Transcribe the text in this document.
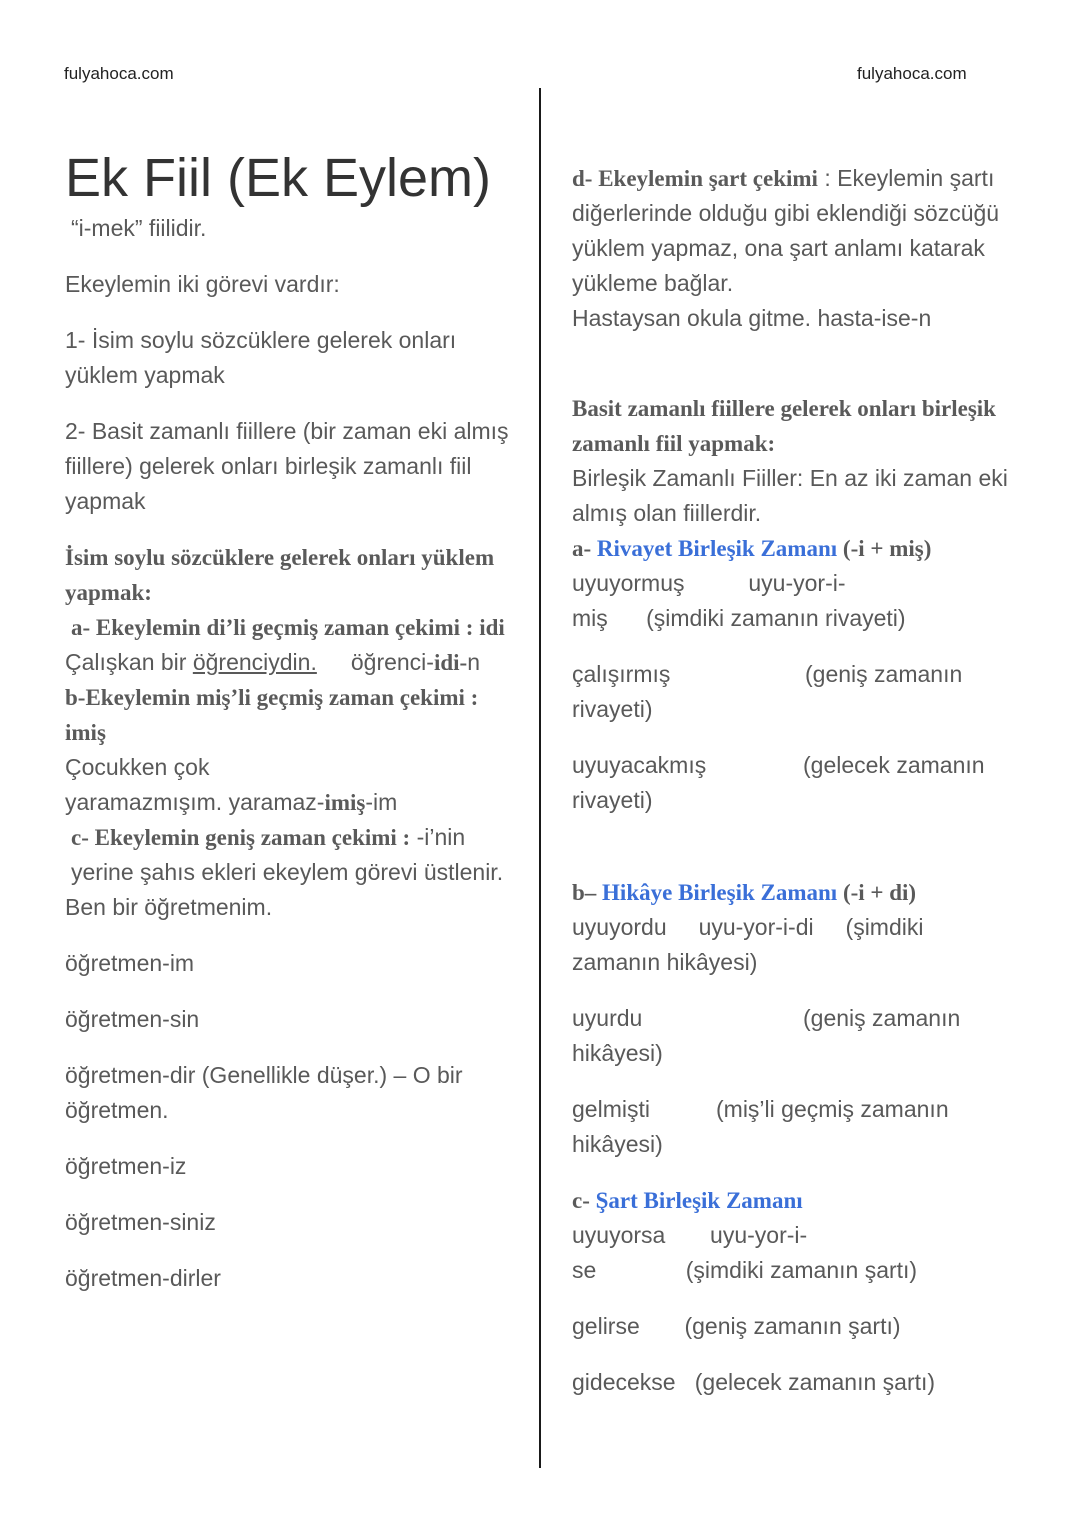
fulyahoca.com	fulyahoca.com
Ek Fiil (Ek Eylem)

“i-mek” fiilidir.

Ekeylemin iki görevi vardır:

1- İsim soylu sözcüklere gelerek onları yüklem yapmak

2- Basit zamanlı fiillere (bir zaman eki almış fiillere) gelerek onları birleşik zamanlı fiil yapmak

İsim soylu sözcüklere gelerek onları yüklem yapmak:

a- Ekeylemin di’li geçmiş zaman çekimi : idi

Çalışkan bir öğrenciydin. öğrenci-idi-n

b-Ekeylemin miş’li geçmiş zaman çekimi : imiş

Çocukken çok

yaramazmışım. yaramaz-imiş-im

c- Ekeylemin geniş zaman çekimi : -i’nin yerine şahıs ekleri ekeylem görevi üstlenir.

Ben bir öğretmenim.

öğretmen-im

öğretmen-sin

öğretmen-dir (Genellikle düşer.) – O bir öğretmen.

öğretmen-iz

öğretmen-siniz

öğretmen-dirler

d- Ekeylemin şart çekimi : Ekeylemin şartı diğerlerinde olduğu gibi eklendiği sözcüğü yüklem yapmaz, ona şart anlamı katarak yükleme bağlar.

Hastaysan okula gitme. hasta-ise-n

Basit zamanlı fiillere gelerek onları birleşik zamanlı fiil yapmak:

Birleşik Zamanlı Fiiller: En az iki zaman eki almış olan fiillerdir.

a- Rivayet Birleşik Zamanı (-i + miş)

uyuyormuş          uyu-yor-i-

miş      (şimdiki zamanın rivayeti)

çalışırmış	(geniş zamanın

rivayeti)

uyuyacakmış	(gelecek zamanın

rivayeti)

b– Hikâye Birleşik Zamanı (-i + di)

uyuyordu     uyu-yor-i-di     (şimdiki

zamanın hikâyesi)

uyurdu	(geniş zamanın

hikâyesi)

gelmişti	(miş’li geçmiş zamanın

hikâyesi)

c- Şart Birleşik Zamanı

uyuyorsa       uyu-yor-i-

se              (şimdiki zamanın şartı)

gelirse       (geniş zamanın şartı)

gidecekse   (gelecek zamanın şartı)
